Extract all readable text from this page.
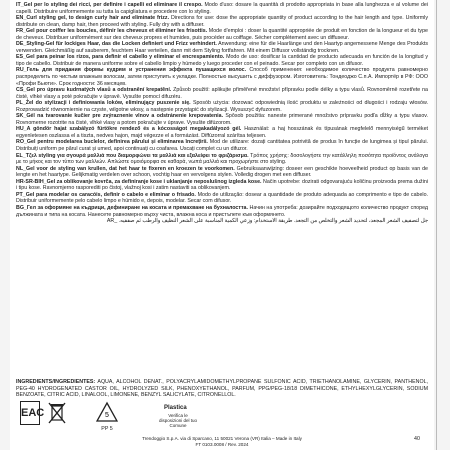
IT_Gel per lo styling dei ricci, per definire i capelli ed eliminare il crespo. Modo d'uso: dosare la quantità di prodotto appropriata in base alla lunghezza e al volume dei capelli. Distribuire uniformemente su tutta la capigliatura e procedere con lo styling.

EN_Curl styling gel, to design curly hair and eliminate frizz. Directions for use: dose the appropriate quantity of product according to the hair length and type. Uniformly distribute on clean, damp hair, then proceed with styling. Fully dry with a diffuser.

FR_Gel pour coiffer les boucles, définir les cheveux et éliminer les frisottis. Mode d'emploi : doser la quantité appropriée de produit en fonction de la longueur et du type de cheveux. Distribuer uniformément sur des cheveux propres et humides, puis procéder au coiffage. Sécher complètement avec un diffuseur.

DE_Styling-Gel für lockiges Haar, das die Locken definiert und Frizz verhindert. Anwendung: eine für die Haarlänge und den Haartyp angemessene Menge des Produkts verwenden. Gleichmäßig auf sauberem, feuchtem Haar verteilen, dann mit dem Styling fortfahren. Mit einem Diffusor vollständig trocknen.

ES_Gel para peinar los rizos, para definir el cabello y eliminar el encrespamiento. Modo de uso: dosificar la cantidad de producto adecuada en función de la longitud y tipo de cabello. Distribuir de manera uniforme sobre el cabello limpio y húmedo y luego proceder con el peinado. Secar por completo con un difusor.

RU_Гель для придания формы кудрям и устранения эффекта пушащихся волос. Способ применения: необходимое количество продукта равномерно распределить по чистым влажным волосам, затем приступить к укладке. Полностью высушить с диффузором. Изготовитель: Тондеоджо С.п.А. Импортёр в РФ: ООО «Профи Бьюти». Срок годности: 36 месяцев.

CS_Gel pro úpravu kudrnatých vlasů a odstranění krepatění. Způsob použití: aplikujte přiměřené množství přípravku podle délky a typu vlasů. Rovnoměrně rozetřete na čisté, vlhké vlasy a poté pokračujte v úpravě. Vysušte pomocí difuzéru.

PL_Żel do stylizacji i definiowania loków, eliminujący puszenie się. Sposób użycia: dozować odpowiednią ilość produktu w zależności od długości i rodzaju włosów. Rozprowadzić równomiernie na czyste, wilgotne włosy, a następnie przystąpić do stylizacji. Wysuszyć dyfuzorem.

SK_Gél na tvarovanie kučier pre zvýraznenie vlnov a odstránenie krepovatenia. Spôsob použitia: naneste primerané množstvo prípravku podľa dĺžky a typu vlasov. Rovnomerne rozotrite na čisté, vlhké vlasy a potom pokračujte v úprave. Vysušte difúzorom.

HU_A göndör hajat szabályzó fürtökre rendező és a kócosságot megakadályozó gél. Használat: a haj hosszának és típusának megfelelő mennyiségű terméket egyenletesen oszlassa el a tiszta, nedves hajon, majd végezze el a formázást. Diffúzorral szárítsa teljesen.

RO_Gel pentru modelarea buclelor, definirea părului și eliminarea încrețirii. Mod de utilizare: dozați cantitatea potrivită de produs în funcție de lungimea și tipul părului. Distribuiți uniform pe părul curat și umed, apoi continuați cu coafarea. Uscați complet cu un difuzor.

EL_Τζελ styling για σγουρά μαλλιά που διαμορφώνει τα μαλλιά και εξαλείφει το φριζάρισμα. Τρόπος χρήσης: δοσολογήστε την κατάλληλη ποσότητα προϊόντος ανάλογα με το μήκος και τον τύπο των μαλλιών. Απλώστε ομοιόμορφα σε καθαρά, νωπά μαλλιά και προχωρήστε στο styling.

NL_Gel voor de styling van krullen, dat het haar te fixeren en kroezen te voorkomen. Gebruiksaanwijzing: doseer een geschikte hoeveelheid product op basis van de lengte en het haartype. Gelijkmatig verdelen over schoon, vochtig haar en vervolgens stylen. Volledig drogen met een diffuser.

HR-SR-BIH_Gel za oblikovanje kovrča, za definiranje kose i uklanjanje neposlušnog izgleda kose. Način upotrebe: dozirati odgovarajuću količinu proizvoda prema dužini i tipu kose. Ravnomjerno rasporediti po čistoj, vlažnoj kosi i zatim nastaviti sa oblikovanjem.

PT_Gel para modelar os caracóis, definir o cabelo e eliminar o frisado. Modo de utilização: dosear a quantidade de produto adequada ao comprimento e tipo de cabelo. Distribuir uniformemente pelo cabelo limpo e húmido e, depois, modelar. Secar com difusor.

BG_Гел за оформяне на къдрици, дефиниране на косата и премахване на бухналостта. Начин на употреба: дозирайте подходящото количество продукт според дължината и типа на косата. Нанесете равномерно върху чиста, влажна коса и пристъпете към оформянето.

جل لتصفيف الشعر المجعد، لتحديد الشعر والتخلص من التجعد. طريقة الاستخدام: وزعي الكمية المناسبة على الشعر النظيف والرطب ثم صففيه. _AR

INGREDIENTS/INGREDIENTES: AQUA, ALCOHOL DENAT., POLYACRYLAMIDOMETHYLPROPANE SULFONIC ACID, TRIETHANOLAMINE, GLYCERIN, PANTHENOL, PEG-40 HYDROGENATED CASTOR OIL, HYDROLYZED SILK, PHENOXYETHANOL, PARFUM, PPG/PEG-18/18 DIMETHICONE, ETHYLHEXYLGLYCERIN, SODIUM BENZOATE, CITRIC ACID, LINALOOL, LIMONENE, BENZYL SALICYLATE, CITRONELLOL.
EAC	5
PP 5
Plastica
Verifica le disposizioni del tuo Comune
Trendoggio S.p.A. via di Sparcano, 11 50021 Verona (VR) Italia – Made in Italy
FT 0103.0008 / Rev. 2024
40
